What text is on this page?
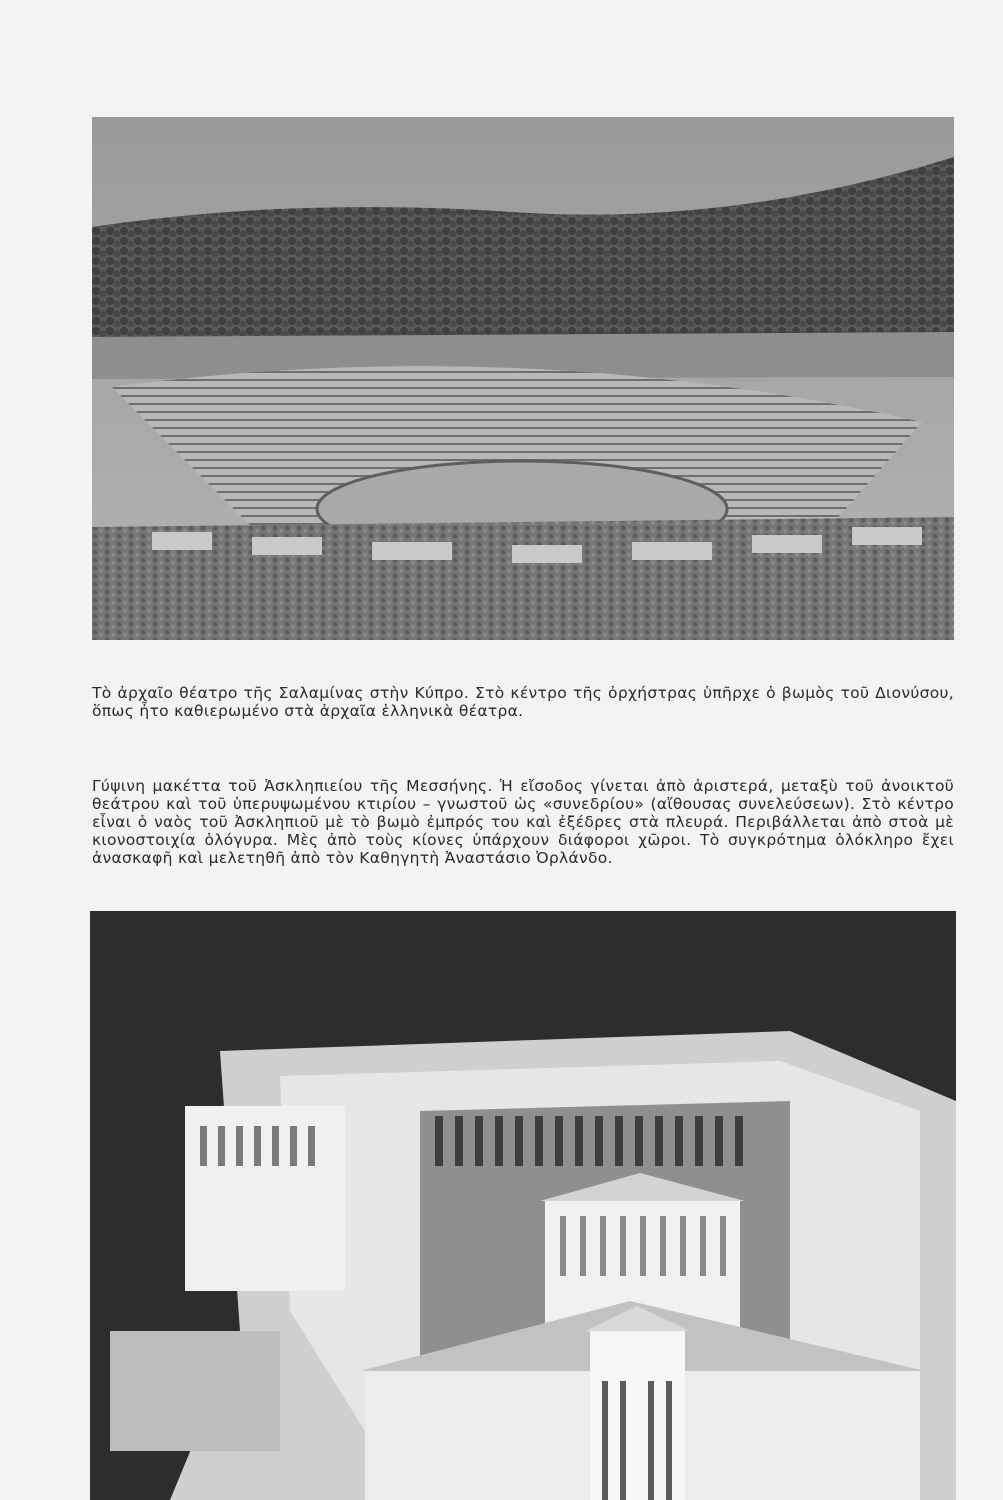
Τὸ ἀρχαῖο θέατρο τῆς Σαλαμίνας στὴν Κύπρο. Στὸ κέντρο τῆς ὀρχήστρας ὑπῆρχε ὁ βωμὸς τοῦ Διονύσου, ὅπως ἦτο καθιερωμένο στὰ ἀρχαῖα ἑλληνικὰ θέατρα.

Γύψινη μακέττα τοῦ Ἀσκληπιείου τῆς Μεσσήνης. Ἡ εἴσοδος γίνεται ἀπὸ ἀριστερά, μεταξὺ τοῦ ἀνοικτοῦ θεάτρου καὶ τοῦ ὑπερυψωμένου κτιρίου – γνωστοῦ ὡς «συνεδρίου» (αἴθουσας συνελεύσεων). Στὸ κέντρο εἶναι ὁ ναὸς τοῦ Ἀσκληπιοῦ μὲ τὸ βωμὸ ἐμπρός του καὶ ἐξέδρες στὰ πλευρά. Περιβάλλεται ἀπὸ στοὰ μὲ κιονοστοιχία ὁλόγυρα. Μὲς ἀπὸ τοὺς κίονες ὑπάρχουν διάφοροι χῶροι. Τὸ συγκρότημα ὁλόκληρο ἔχει ἀνασκαφῆ καὶ μελετηθῆ ἀπὸ τὸν Καθηγητὴ Ἀναστάσιο Ὀρλάνδο.
